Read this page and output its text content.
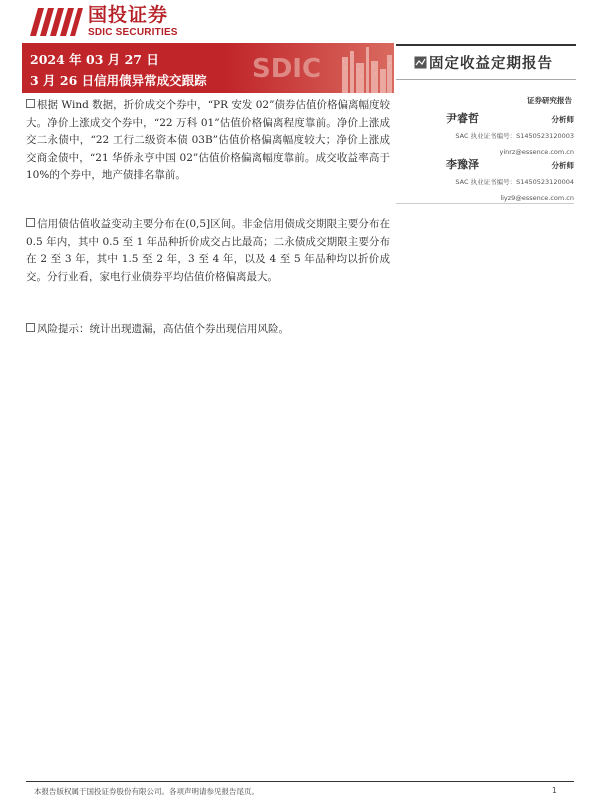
国投证券
SDIC SECURITIES
2024 年 03 月 27 日
3 月 26 日信用债异常成交跟踪 SDIC	固定收益定期报告
证券研究报告
尹睿哲	分析师
SAC 执业证书编号：S1450523120003
yinrz@essence.com.cn
李豫泽	分析师
SAC 执业证书编号：S1450523120004
liyz9@essence.com.cn
根据 Wind 数据，折价成交个券中，“PR 安发 02”债券估值价格偏离幅度较大。净价上涨成交个券中，“22 万科 01”估值价格偏离程度靠前。净价上涨成交二永债中，“22 工行二级资本债 03B”估值价格偏离幅度较大；净价上涨成交商金债中，“21 华侨永亨中国 02”估值价格偏离幅度靠前。成交收益率高于 10%的个券中，地产债排名靠前。
信用债估值收益变动主要分布在(0,5]区间。非金信用债成交期限主要分布在 0.5 年内，其中 0.5 至 1 年品种折价成交占比最高；二永债成交期限主要分布在 2 至 3 年，其中 1.5 至 2 年，3 至 4 年，以及 4 至 5 年品种均以折价成交。分行业看，家电行业债券平均估值价格偏离最大。
风险提示：统计出现遗漏，高估值个券出现信用风险。
本报告版权属于国投证券股份有限公司。各项声明请参见报告尾页。	1
